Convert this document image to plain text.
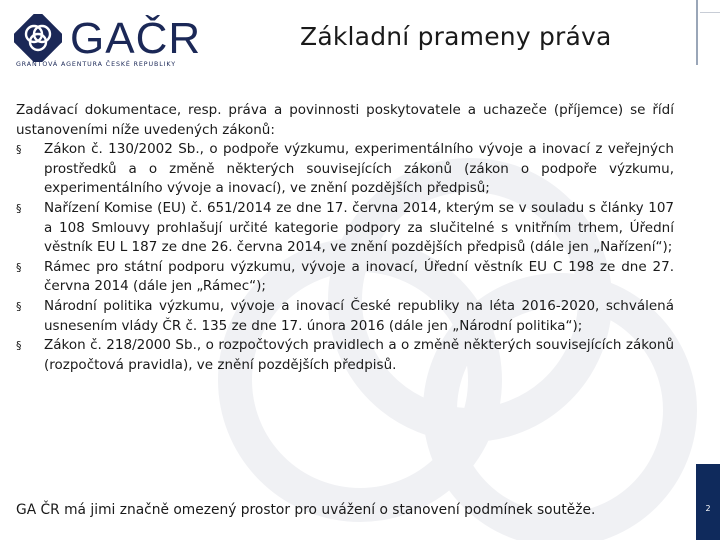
GAČR
GRANTOVÁ AGENTURA ČESKÉ REPUBLIKY
Základní prameny práva

Zadávací dokumentace, resp. práva a povinnosti poskytovatele a uchazeče (příjemce) se řídí ustanoveními níže uvedených zákonů:

§ Zákon č. 130/2002 Sb., o podpoře výzkumu, experimentálního vývoje a inovací z veřejných prostředků a o změně některých souvisejících zákonů (zákon o podpoře výzkumu, experimentálního vývoje a inovací), ve znění pozdějších předpisů;
§ Nařízení Komise (EU) č. 651/2014 ze dne 17. června 2014, kterým se v souladu s články 107 a 108 Smlouvy prohlašují určité kategorie podpory za slučitelné s vnitřním trhem, Úřední věstník EU L 187 ze dne 26. června 2014, ve znění pozdějších předpisů (dále jen „Nařízení“);
§ Rámec pro státní podporu výzkumu, vývoje a inovací, Úřední věstník EU C 198 ze dne 27. června 2014 (dále jen „Rámec“);
§ Národní politika výzkumu, vývoje a inovací České republiky na léta 2016-2020, schválená usnesením vlády ČR č. 135 ze dne 17. února 2016 (dále jen „Národní politika“);
§ Zákon č. 218/2000 Sb., o rozpočtových pravidlech a o změně některých souvisejících zákonů (rozpočtová pravidla), ve znění pozdějších předpisů.
GA ČR má jimi značně omezený prostor pro uvážení o stanovení podmínek soutěže.	2
